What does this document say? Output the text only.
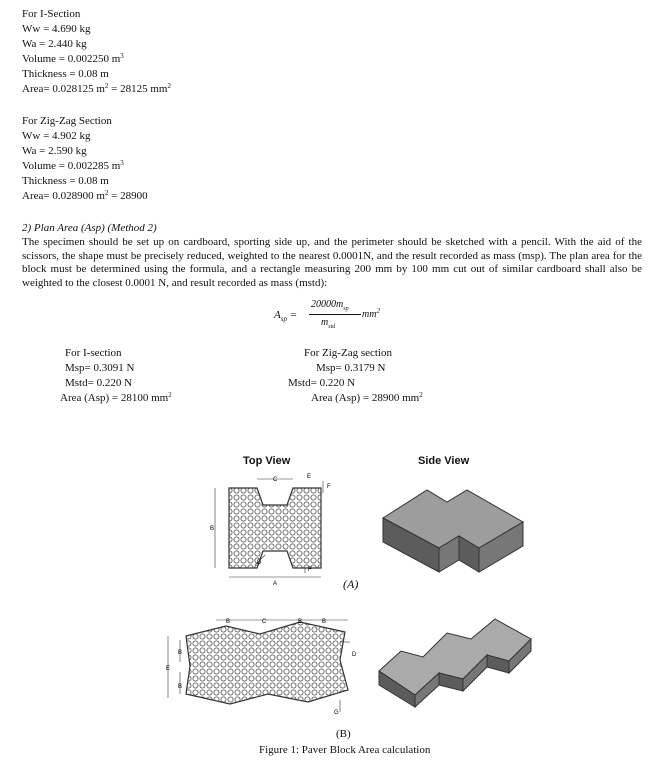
For I-Section
Ww = 4.690 kg
Wa = 2.440 kg
Volume = 0.002250 $m^3$
Thickness = 0.08 m
Area= 0.028125 $m^2 = 28125$ $mm^2$
For Zig-Zag Section
Ww = 4.902 kg
Wa = 2.590 kg
Volume = 0.002285 $m^3$
Thickness = 0.08 m
Area= 0.028900 $m^2 = 28900$
2) Plan Area (Asp) (Method 2)
The specimen should be set up on cardboard, sporting side up, and the perimeter should be sketched with a pencil. With the aid of the scissors, the shape must be precisely reduced, weighted to the nearest 0.0001N, and the result recorded as mass (msp). The plan area for the block must be determined using the formula, and a rectangle measuring 200 mm by 100 mm cut out of similar cardboard shall also be weighted to the closest 0.0001 N, and result recorded as mass (mstd):
$A_{sp}$ =
$20000m_{sp}$
$m_{std}$
$mm^2$
For I-section
Msp= 0.3091 N
Mstd= 0.220 N
Area (Asp) = 28100 $mm^2$
For Zig-Zag section
Msp= 0.3179 N
Mstd= 0.220 N
Area (Asp) = 28900 $mm^2$
Top View	Side View
B
C	E
F
F
D
A	(A)
B	C	B	B
E
B
B
D
G
(B)
Figure 1: Paver Block Area calculation
